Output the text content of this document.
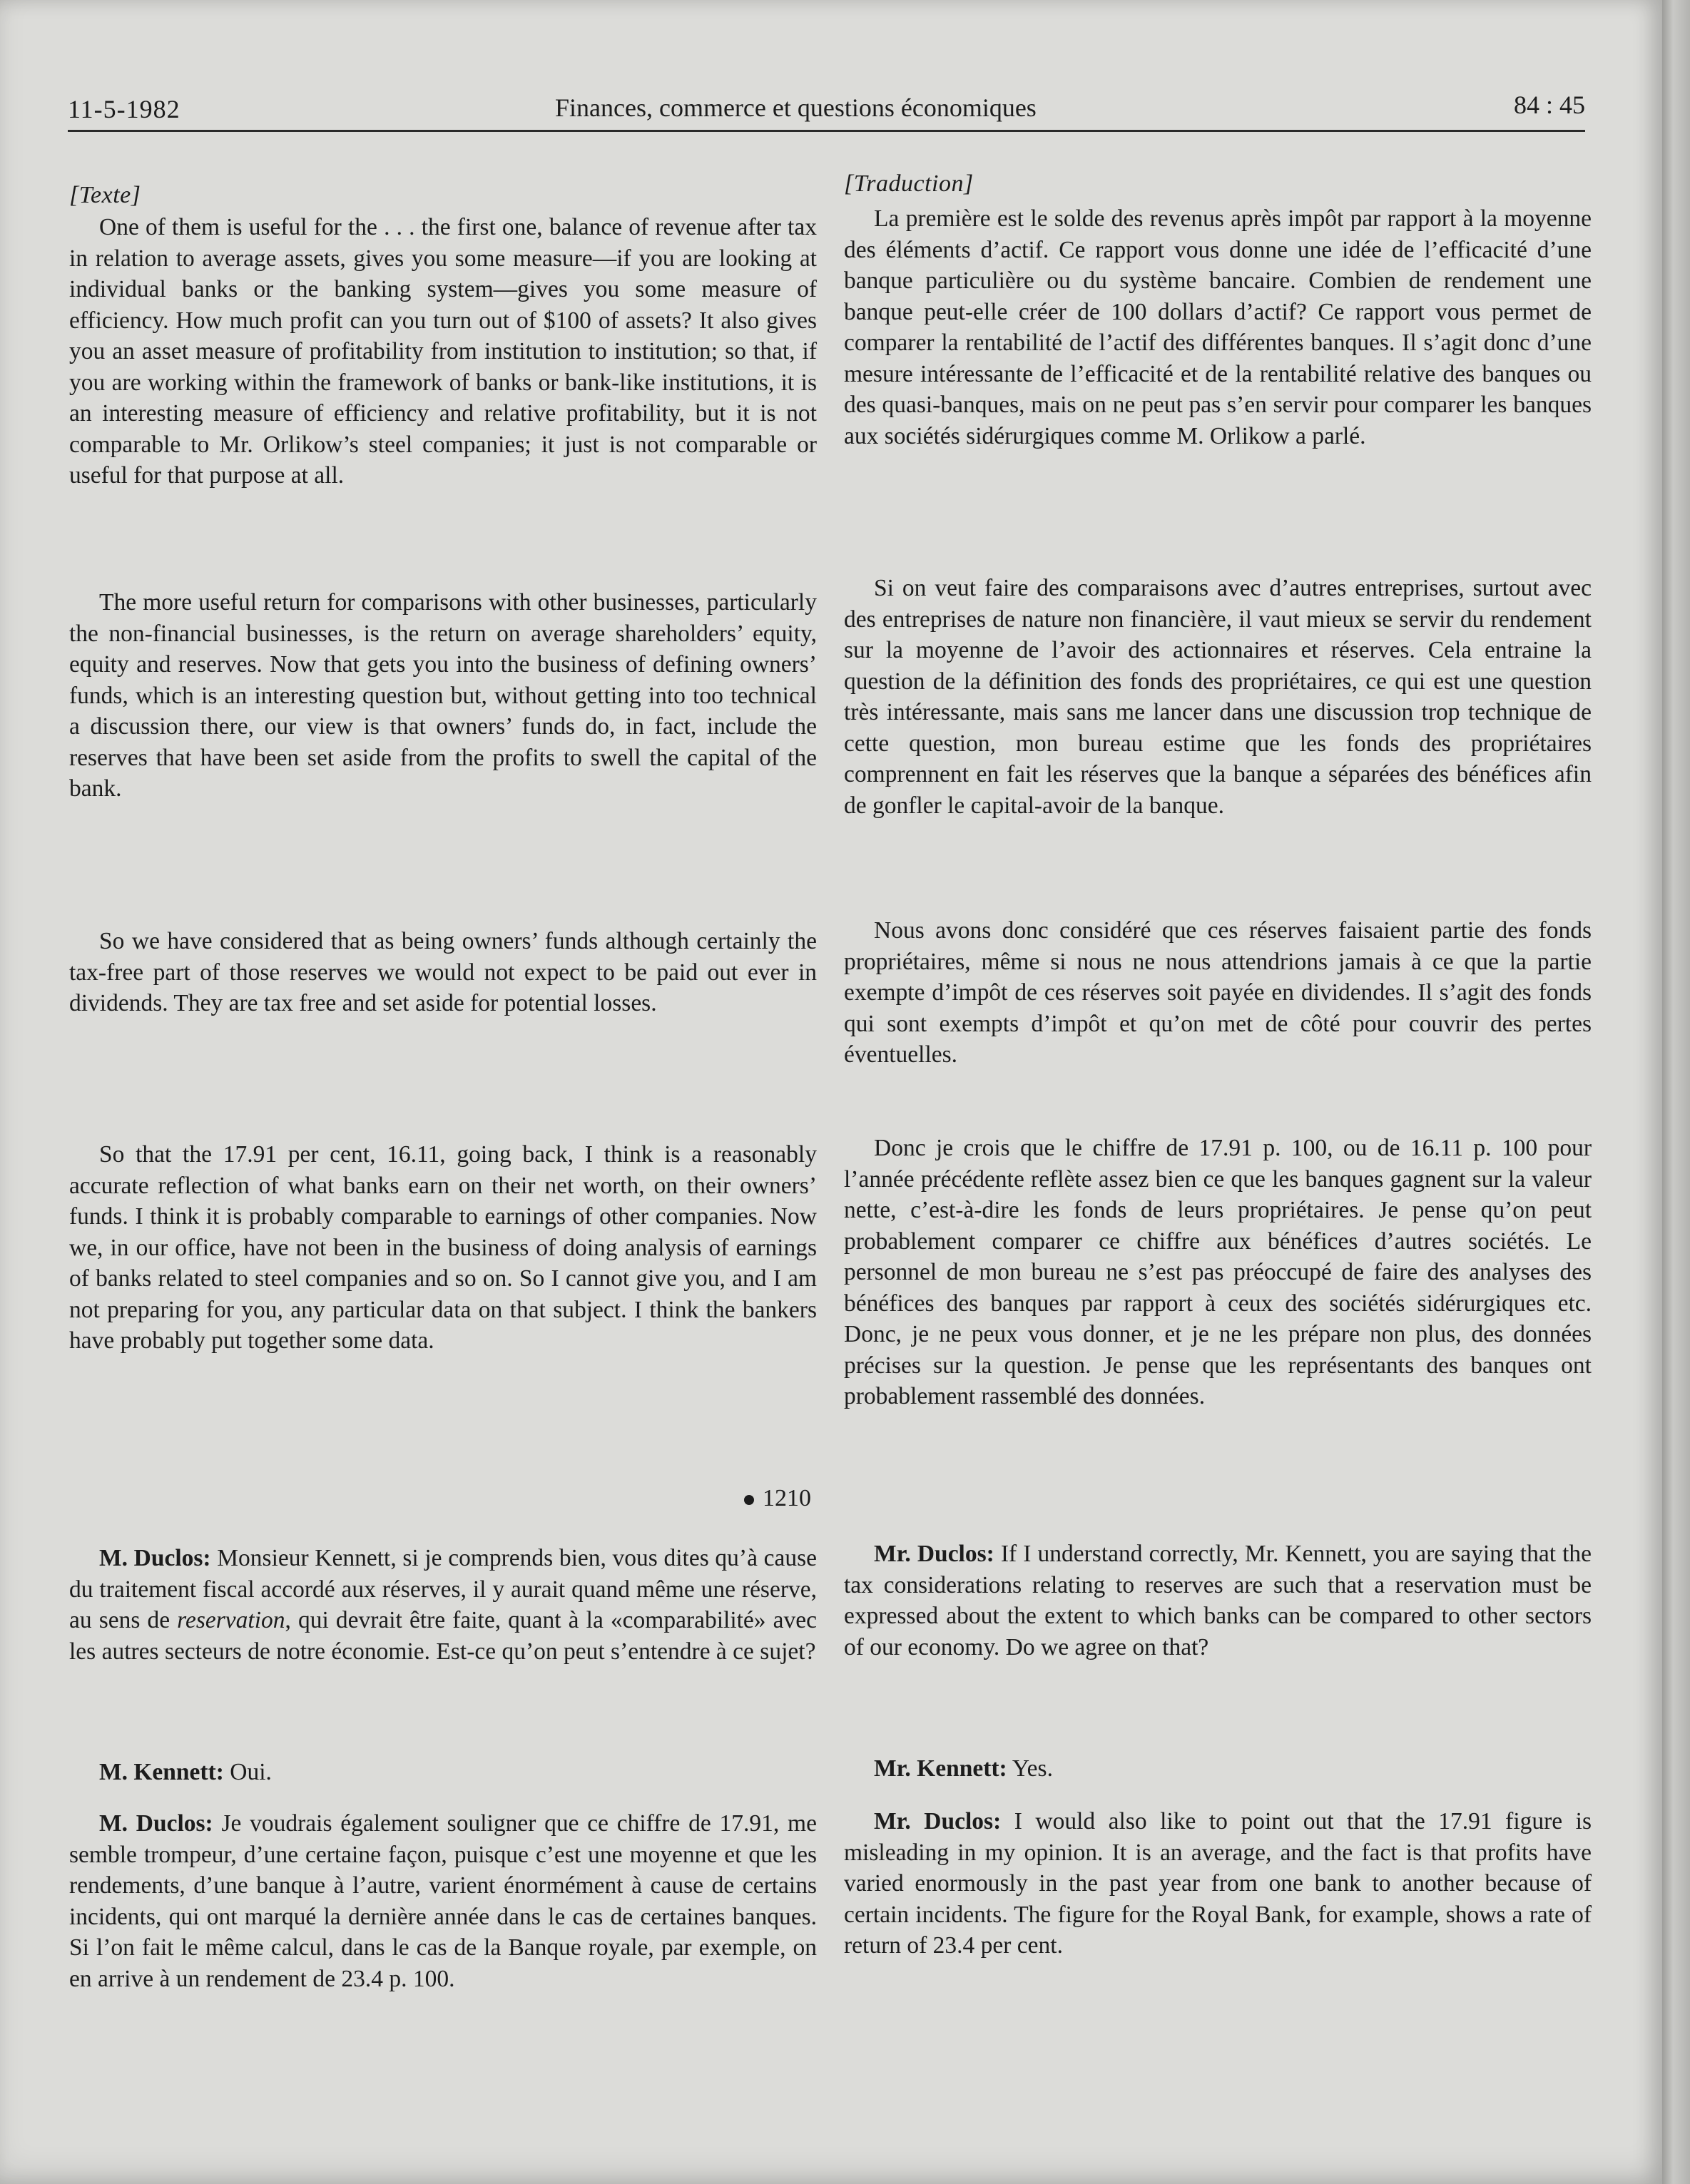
11-5-1982	Finances, commerce et questions économiques	84 : 45
[Texte]

One of them is useful for the . . . the first one, balance of revenue after tax in relation to average assets, gives you some measure—if you are looking at individual banks or the banking system—gives you some measure of efficiency. How much profit can you turn out of $100 of assets? It also gives you an asset measure of profitability from institution to institution; so that, if you are working within the framework of banks or bank-like institutions, it is an interesting measure of efficiency and relative profitability, but it is not comparable to Mr. Orlikow’s steel companies; it just is not comparable or useful for that purpose at all.

The more useful return for comparisons with other businesses, particularly the non-financial businesses, is the return on average shareholders’ equity, equity and reserves. Now that gets you into the business of defining owners’ funds, which is an interesting question but, without getting into too technical a discussion there, our view is that owners’ funds do, in fact, include the reserves that have been set aside from the profits to swell the capital of the bank.

So we have considered that as being owners’ funds although certainly the tax-free part of those reserves we would not expect to be paid out ever in dividends. They are tax free and set aside for potential losses.

So that the 17.91 per cent, 16.11, going back, I think is a reasonably accurate reflection of what banks earn on their net worth, on their owners’ funds. I think it is probably comparable to earnings of other companies. Now we, in our office, have not been in the business of doing analysis of earnings of banks related to steel companies and so on. So I cannot give you, and I am not preparing for you, any particular data on that subject. I think the bankers have probably put together some data.

1210

M. Duclos: Monsieur Kennett, si je comprends bien, vous dites qu’à cause du traitement fiscal accordé aux réserves, il y aurait quand même une réserve, au sens de reservation, qui devrait être faite, quant à la «comparabilité» avec les autres secteurs de notre économie. Est-ce qu’on peut s’entendre à ce sujet?

M. Kennett: Oui.

M. Duclos: Je voudrais également souligner que ce chiffre de 17.91, me semble trompeur, d’une certaine façon, puisque c’est une moyenne et que les rendements, d’une banque à l’autre, varient énormément à cause de certains incidents, qui ont marqué la dernière année dans le cas de certaines banques. Si l’on fait le même calcul, dans le cas de la Banque royale, par exemple, on en arrive à un rendement de 23.4 p. 100.

[Traduction]

La première est le solde des revenus après impôt par rapport à la moyenne des éléments d’actif. Ce rapport vous donne une idée de l’efficacité d’une banque particulière ou du système bancaire. Combien de rendement une banque peut-elle créer de 100 dollars d’actif? Ce rapport vous permet de comparer la rentabilité de l’actif des différentes banques. Il s’agit donc d’une mesure intéressante de l’efficacité et de la rentabilité relative des banques ou des quasi-banques, mais on ne peut pas s’en servir pour comparer les banques aux sociétés sidérurgiques comme M. Orlikow a parlé.

Si on veut faire des comparaisons avec d’autres entreprises, surtout avec des entreprises de nature non financière, il vaut mieux se servir du rendement sur la moyenne de l’avoir des actionnaires et réserves. Cela entraine la question de la définition des fonds des propriétaires, ce qui est une question très intéressante, mais sans me lancer dans une discussion trop technique de cette question, mon bureau estime que les fonds des propriétaires comprennent en fait les réserves que la banque a séparées des bénéfices afin de gonfler le capital-avoir de la banque.

Nous avons donc considéré que ces réserves faisaient partie des fonds propriétaires, même si nous ne nous attendrions jamais à ce que la partie exempte d’impôt de ces réserves soit payée en dividendes. Il s’agit des fonds qui sont exempts d’impôt et qu’on met de côté pour couvrir des pertes éventuelles.

Donc je crois que le chiffre de 17.91 p. 100, ou de 16.11 p. 100 pour l’année précédente reflète assez bien ce que les banques gagnent sur la valeur nette, c’est-à-dire les fonds de leurs propriétaires. Je pense qu’on peut probablement comparer ce chiffre aux bénéfices d’autres sociétés. Le personnel de mon bureau ne s’est pas préoccupé de faire des analyses des bénéfices des banques par rapport à ceux des sociétés sidérurgiques etc. Donc, je ne peux vous donner, et je ne les prépare non plus, des données précises sur la question. Je pense que les représentants des banques ont probablement rassemblé des données.

Mr. Duclos: If I understand correctly, Mr. Kennett, you are saying that the tax considerations relating to reserves are such that a reservation must be expressed about the extent to which banks can be compared to other sectors of our economy. Do we agree on that?

Mr. Kennett: Yes.

Mr. Duclos: I would also like to point out that the 17.91 figure is misleading in my opinion. It is an average, and the fact is that profits have varied enormously in the past year from one bank to another because of certain incidents. The figure for the Royal Bank, for example, shows a rate of return of 23.4 per cent.
